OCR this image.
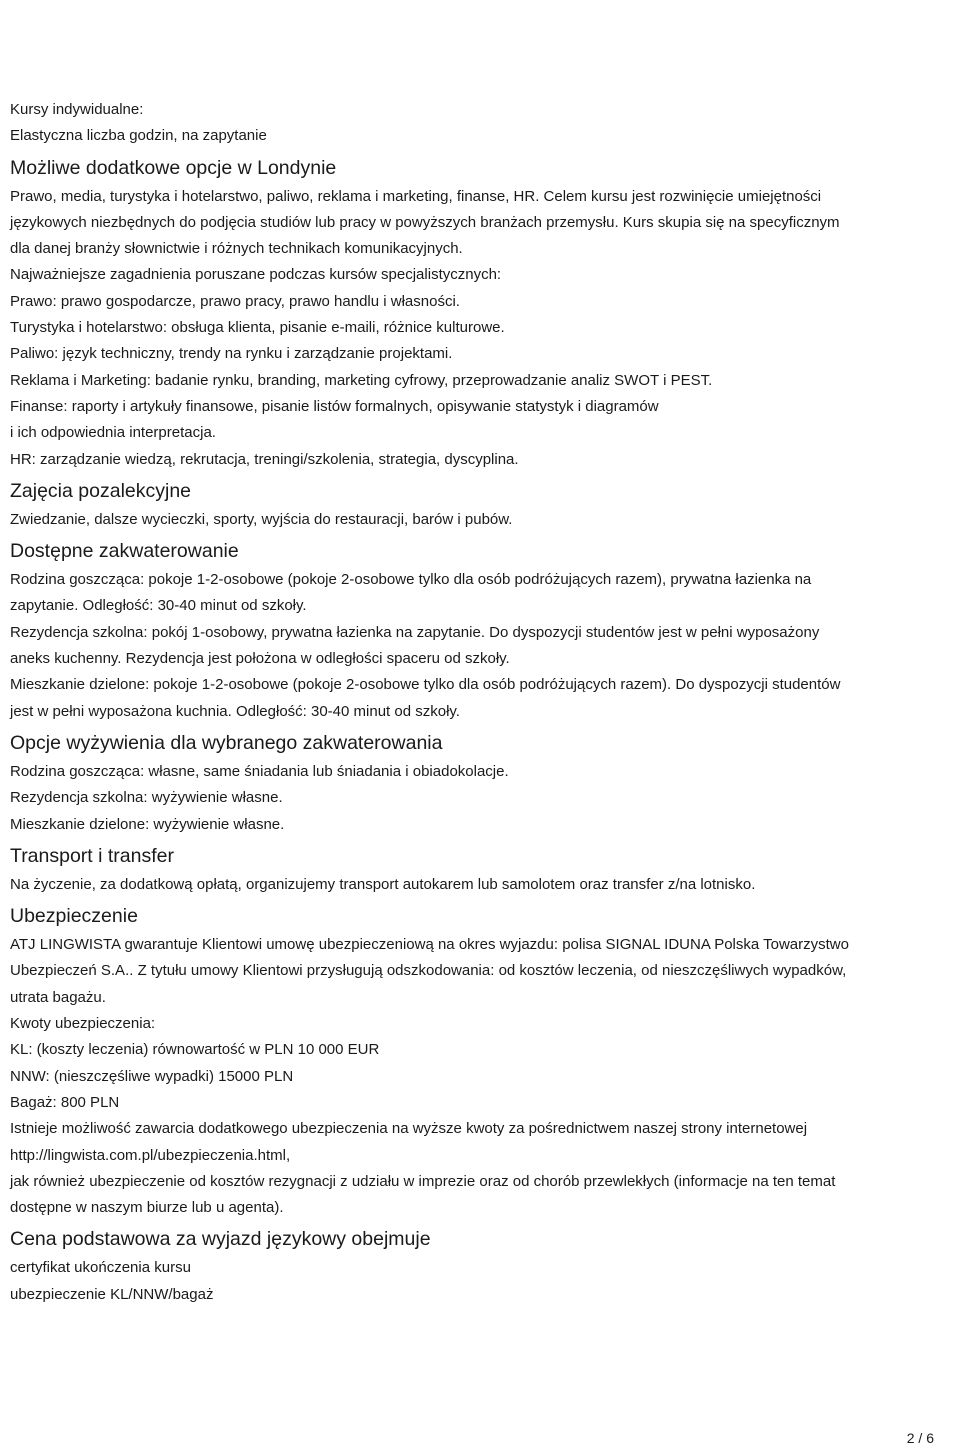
Kursy indywidualne:
Elastyczna liczba godzin, na zapytanie
Możliwe dodatkowe opcje w Londynie
Prawo, media, turystyka i hotelarstwo, paliwo, reklama i marketing, finanse, HR. Celem kursu jest rozwinięcie umiejętności
językowych niezbędnych do podjęcia studiów lub pracy w powyższych branżach przemysłu. Kurs skupia się na specyficznym
dla danej branży słownictwie i różnych technikach komunikacyjnych.
Najważniejsze zagadnienia poruszane podczas kursów specjalistycznych:
Prawo: prawo gospodarcze, prawo pracy, prawo handlu i własności.
Turystyka i hotelarstwo: obsługa klienta, pisanie e-maili, różnice kulturowe.
Paliwo: język techniczny, trendy na rynku i zarządzanie projektami.
Reklama i Marketing: badanie rynku, branding, marketing cyfrowy, przeprowadzanie analiz SWOT i PEST.
Finanse: raporty i artykuły finansowe, pisanie listów formalnych, opisywanie statystyk i diagramów
i ich odpowiednia interpretacja.
HR: zarządzanie wiedzą, rekrutacja, treningi/szkolenia, strategia, dyscyplina.
Zajęcia pozalekcyjne
Zwiedzanie, dalsze wycieczki, sporty, wyjścia do restauracji, barów i pubów.
Dostępne zakwaterowanie
Rodzina goszcząca: pokoje 1-2-osobowe (pokoje 2-osobowe tylko dla osób podróżujących razem), prywatna łazienka na
zapytanie. Odległość: 30-40 minut od szkoły.
Rezydencja szkolna: pokój 1-osobowy, prywatna łazienka na zapytanie. Do dyspozycji studentów jest w pełni wyposażony
aneks kuchenny. Rezydencja jest położona w odległości spaceru od szkoły.
Mieszkanie dzielone: pokoje 1-2-osobowe (pokoje 2-osobowe tylko dla osób podróżujących razem). Do dyspozycji studentów
jest w pełni wyposażona kuchnia. Odległość: 30-40 minut od szkoły.
Opcje wyżywienia dla wybranego zakwaterowania
Rodzina goszcząca: własne, same śniadania lub śniadania i obiadokolacje.
Rezydencja szkolna: wyżywienie własne.
Mieszkanie dzielone: wyżywienie własne.
Transport i transfer
Na życzenie, za dodatkową opłatą, organizujemy transport autokarem lub samolotem oraz transfer z/na lotnisko.
Ubezpieczenie
ATJ LINGWISTA gwarantuje Klientowi umowę ubezpieczeniową na okres wyjazdu: polisa SIGNAL IDUNA Polska Towarzystwo
Ubezpieczeń S.A.. Z tytułu umowy Klientowi przysługują odszkodowania: od kosztów leczenia, od nieszczęśliwych wypadków,
utrata bagażu.
Kwoty ubezpieczenia:
KL: (koszty leczenia) równowartość w PLN 10 000 EUR
NNW: (nieszczęśliwe wypadki) 15000 PLN
Bagaż: 800 PLN
Istnieje możliwość zawarcia dodatkowego ubezpieczenia na wyższe kwoty za pośrednictwem naszej strony internetowej
http://lingwista.com.pl/ubezpieczenia.html,
jak również ubezpieczenie od kosztów rezygnacji z udziału w imprezie oraz od chorób przewlekłych (informacje na ten temat
dostępne w naszym biurze lub u agenta).
Cena podstawowa za wyjazd językowy obejmuje
certyfikat ukończenia kursu
ubezpieczenie KL/NNW/bagaż
2 / 6
